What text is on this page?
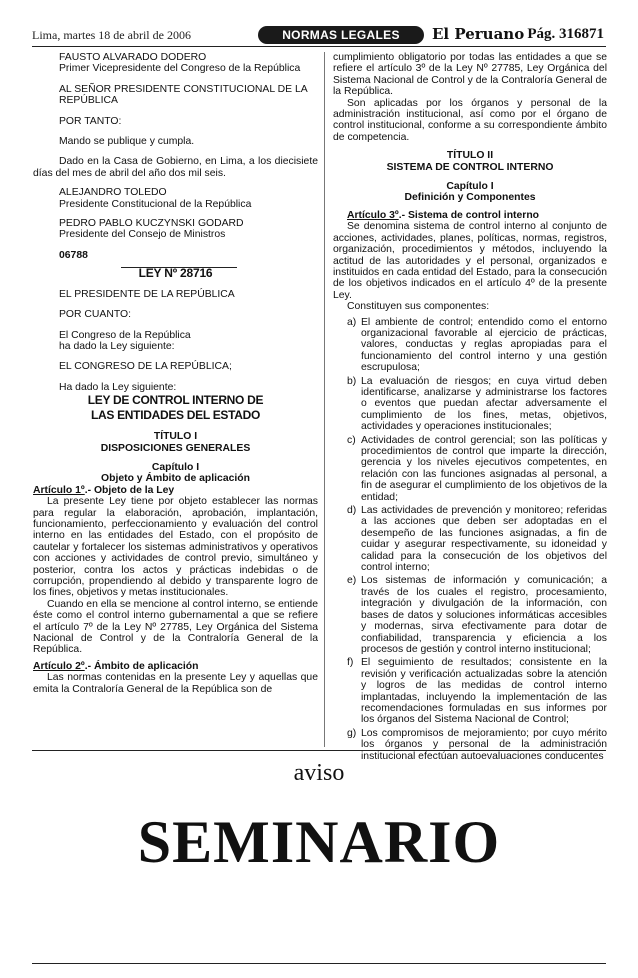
Lima, martes 18 de abril de 2006	NORMAS LEGALES	El Peruano Pág. 316871

FAUSTO ALVARADO DODERO

Primer Vicepresidente del Congreso de la República

AL SEÑOR PRESIDENTE CONSTITUCIONAL DE LA REPÚBLICA

POR TANTO:

Mando se publique y cumpla.

Dado en la Casa de Gobierno, en Lima, a los diecisiete días del mes de abril del año dos mil seis.

ALEJANDRO TOLEDO

Presidente Constitucional de la República

PEDRO PABLO KUCZYNSKI GODARD

Presidente del Consejo de Ministros

06788

LEY Nº 28716

EL PRESIDENTE DE LA REPÚBLICA

POR CUANTO:

El Congreso de la República

ha dado la Ley siguiente:

EL CONGRESO DE LA REPÚBLICA;

Ha dado la Ley siguiente:

LEY DE CONTROL INTERNO DE
LAS ENTIDADES DEL ESTADO

TÍTULO I

DISPOSICIONES GENERALES

Capítulo I

Objeto y Ámbito de aplicación

Artículo 1º.- Objeto de la Ley

La presente Ley tiene por objeto establecer las normas para regular la elaboración, aprobación, implantación, funcionamiento, perfeccionamiento y evaluación del control interno en las entidades del Estado, con el propósito de cautelar y fortalecer los sistemas administrativos y operativos con acciones y actividades de control previo, simultáneo y posterior, contra los actos y prácticas indebidas o de corrupción, propendiendo al debido y transparente logro de los fines, objetivos y metas institucionales.

Cuando en ella se mencione al control interno, se entiende éste como el control interno gubernamental a que se refiere el artículo 7º de la Ley Nº 27785, Ley Orgánica del Sistema Nacional de Control y de la Contraloría General de la República.

Artículo 2º.- Ámbito de aplicación

Las normas contenidas en la presente Ley y aquellas que emita la Contraloría General de la República son de

cumplimiento obligatorio por todas las entidades a que se refiere el artículo 3º de la Ley Nº 27785, Ley Orgánica del Sistema Nacional de Control y de la Contraloría General de la República.

Son aplicadas por los órganos y personal de la administración institucional, así como por el órgano de control institucional, conforme a su correspondiente ámbito de competencia.

TÍTULO II

SISTEMA DE CONTROL INTERNO

Capítulo I

Definición y Componentes

Artículo 3º.- Sistema de control interno

Se denomina sistema de control interno al conjunto de acciones, actividades, planes, políticas, normas, registros, organización, procedimientos y métodos, incluyendo la actitud de las autoridades y el personal, organizados e instituidos en cada entidad del Estado, para la consecución de los objetivos indicados en el artículo 4º de la presente Ley.

Constituyen sus componentes:

a) El ambiente de control; entendido como el entorno organizacional favorable al ejercicio de prácticas, valores, conductas y reglas apropiadas para el funcionamiento del control interno y una gestión escrupulosa;
b) La evaluación de riesgos; en cuya virtud deben identificarse, analizarse y administrarse los factores o eventos que puedan afectar adversamente el cumplimiento de los fines, metas, objetivos, actividades y operaciones institucionales;
c) Actividades de control gerencial; son las políticas y procedimientos de control que imparte la dirección, gerencia y los niveles ejecutivos competentes, en relación con las funciones asignadas al personal, a fin de asegurar el cumplimiento de los objetivos de la entidad;
d) Las actividades de prevención y monitoreo; referidas a las acciones que deben ser adoptadas en el desempeño de las funciones asignadas, a fin de cuidar y asegurar respectivamente, su idoneidad y calidad para la consecución de los objetivos del control interno;
e) Los sistemas de información y comunicación; a través de los cuales el registro, procesamiento, integración y divulgación de la información, con bases de datos y soluciones informáticas accesibles y modernas, sirva efectivamente para dotar de confiabilidad, transparencia y eficiencia a los procesos de gestión y control interno institucional;
f) El seguimiento de resultados; consistente en la revisión y verificación actualizadas sobre la atención y logros de las medidas de control interno implantadas, incluyendo la implementación de las recomendaciones formuladas en sus informes por los órganos del Sistema Nacional de Control;
g) Los compromisos de mejoramiento; por cuyo mérito los órganos y personal de la administración institucional efectúan autoevaluaciones conducentes
aviso
SEMINARIO
